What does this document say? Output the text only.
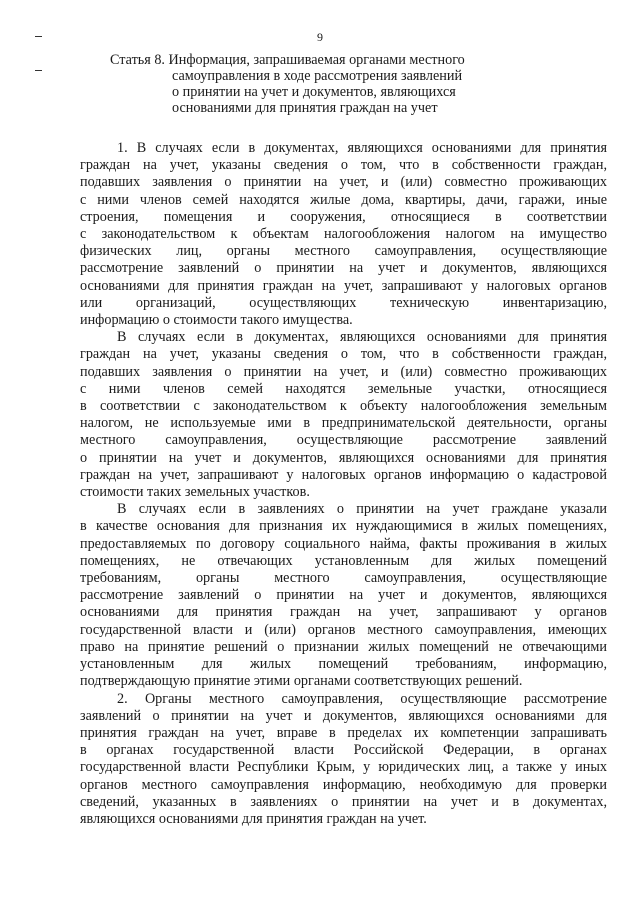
9
Статья 8. Информация, запрашиваемая органами местного
самоуправления в ходе рассмотрения заявлений
о принятии на учет и документов, являющихся
основаниями для принятия граждан на учет
1. В случаях если в документах, являющихся основаниями для принятия
граждан на учет, указаны сведения о том, что в собственности граждан,
подавших заявления о принятии на учет, и (или) совместно проживающих
с ними членов семей находятся жилые дома, квартиры, дачи, гаражи, иные
строения, помещения и сооружения, относящиеся в соответствии
с законодательством к объектам налогообложения налогом на имущество
физических лиц, органы местного самоуправления, осуществляющие
рассмотрение заявлений о принятии на учет и документов, являющихся
основаниями для принятия граждан на учет, запрашивают у налоговых органов
или организаций, осуществляющих техническую инвентаризацию,
информацию о стоимости такого имущества.
В случаях если в документах, являющихся основаниями для принятия
граждан на учет, указаны сведения о том, что в собственности граждан,
подавших заявления о принятии на учет, и (или) совместно проживающих
с ними членов семей находятся земельные участки, относящиеся
в соответствии с законодательством к объекту налогообложения земельным
налогом, не используемые ими в предпринимательской деятельности, органы
местного самоуправления, осуществляющие рассмотрение заявлений
о принятии на учет и документов, являющихся основаниями для принятия
граждан на учет, запрашивают у налоговых органов информацию о кадастровой
стоимости таких земельных участков.
В случаях если в заявлениях о принятии на учет граждане указали
в качестве основания для признания их нуждающимися в жилых помещениях,
предоставляемых по договору социального найма, факты проживания в жилых
помещениях, не отвечающих установленным для жилых помещений
требованиям, органы местного самоуправления, осуществляющие
рассмотрение заявлений о принятии на учет и документов, являющихся
основаниями для принятия граждан на учет, запрашивают у органов
государственной власти и (или) органов местного самоуправления, имеющих
право на принятие решений о признании жилых помещений не отвечающими
установленным для жилых помещений требованиям, информацию,
подтверждающую принятие этими органами соответствующих решений.
2. Органы местного самоуправления, осуществляющие рассмотрение
заявлений о принятии на учет и документов, являющихся основаниями для
принятия граждан на учет, вправе в пределах их компетенции запрашивать
в органах государственной власти Российской Федерации, в органах
государственной власти Республики Крым, у юридических лиц, а также у иных
органов местного самоуправления информацию, необходимую для проверки
сведений, указанных в заявлениях о принятии на учет и в документах,
являющихся основаниями для принятия граждан на учет.
